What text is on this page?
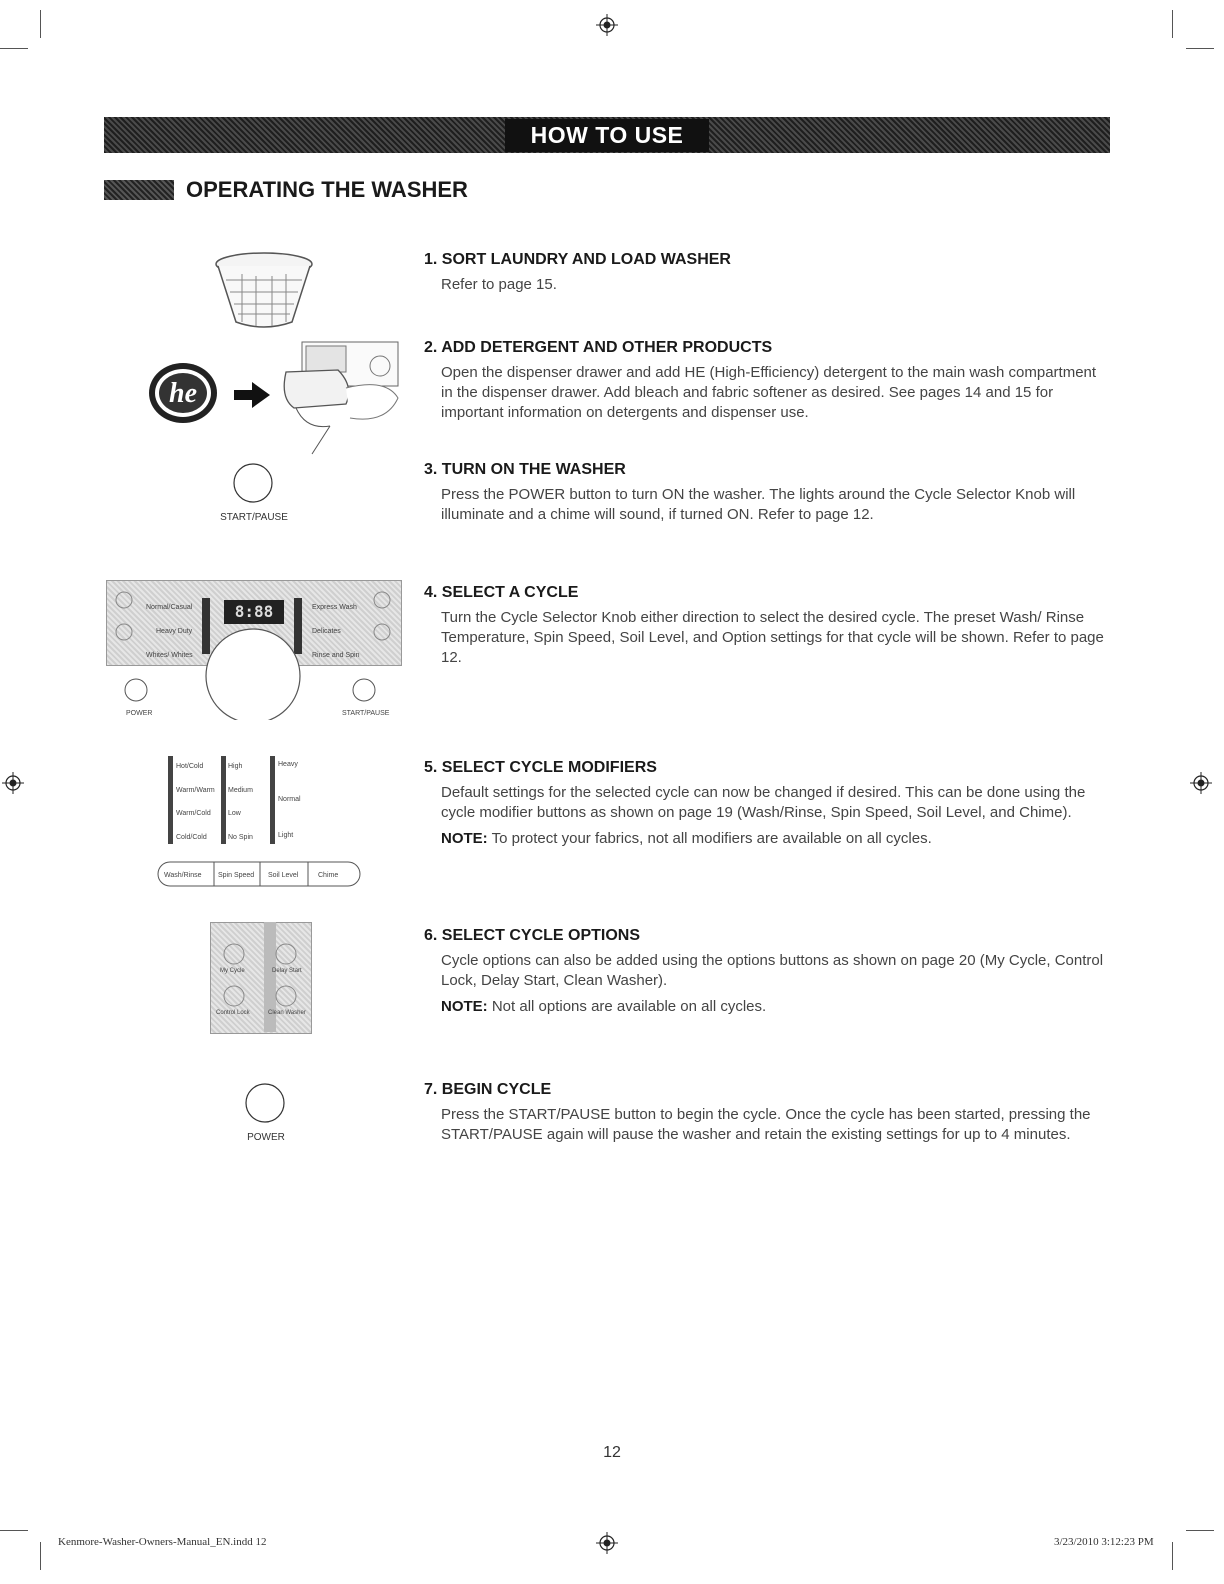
HOW TO USE
OPERATING THE WASHER
he
START/PAUSE
8:88
Normal/Casual
Heavy Duty
Whites/ Whites
Express Wash
Delicates
Rinse and Spin
POWER	START/PAUSE
Hot/Cold
Warm/Warm
Warm/Cold
Cold/Cold
High
Medium
Low
No Spin
Heavy
Normal
Light
Wash/Rinse Spin Speed Soil Level	Chime
My Cycle	Delay Start
Control Lock	Clean Washer
POWER
1. SORT LAUNDRY AND LOAD WASHER

Refer to page 15.

2. ADD DETERGENT AND OTHER PRODUCTS

Open the dispenser drawer and add HE (High-Efficiency) detergent to the main wash compartment in the dispenser drawer. Add bleach and fabric softener as desired. See pages 14 and 15 for important information on detergents and dispenser use.

3. TURN ON THE WASHER

Press the POWER button to turn ON the washer. The lights around the Cycle Selector Knob will illuminate and a chime will sound, if turned ON. Refer to page 12.

4. SELECT A CYCLE

Turn the Cycle Selector Knob either direction to select the desired cycle. The preset Wash/ Rinse Temperature, Spin Speed, Soil Level, and Option settings for that cycle will be shown. Refer to page 12.

5. SELECT CYCLE MODIFIERS

Default settings for the selected cycle can now be changed if desired. This can be done using the cycle modifier buttons as shown on page 19 (Wash/Rinse, Spin Speed, Soil Level, and Chime).

NOTE: To protect your fabrics, not all modifiers are available on all cycles.

6. SELECT CYCLE OPTIONS

Cycle options can also be added using the options buttons as shown on page 20 (My Cycle, Control Lock, Delay Start, Clean Washer).

NOTE: Not all options are available on all cycles.

7. BEGIN CYCLE

Press the START/PAUSE button to begin the cycle. Once the cycle has been started, pressing the START/PAUSE again will pause the washer and retain the existing settings for up to 4 minutes.

12
Kenmore-Washer-Owners-Manual_EN.indd 12	3/23/2010 3:12:23 PM
